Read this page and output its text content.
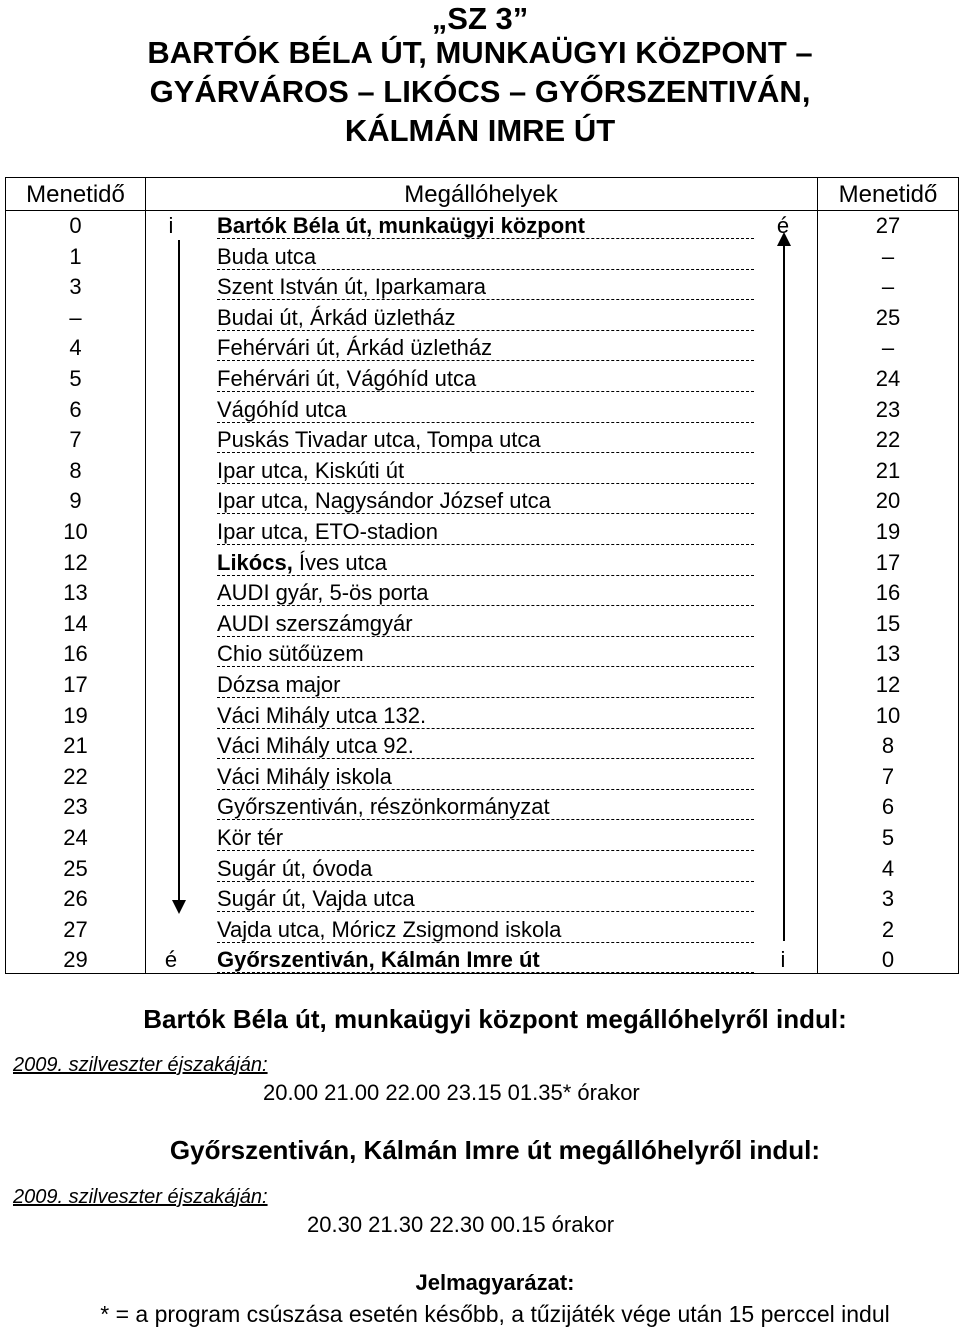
„SZ 3”
BARTÓK BÉLA ÚT, MUNKAÜGYI KÖZPONT –
GYÁRVÁROS – LIKÓCS – GYŐRSZENTIVÁN,
KÁLMÁN IMRE ÚT
Menetidő	Megállóhelyek	Menetidő
0	i	Bartók Béla út, munkaügyi központ	é	27
1	Buda utca	–
3	Szent István út, Iparkamara	–
–	Budai út, Árkád üzletház	25
4	Fehérvári út, Árkád üzletház	–
5	Fehérvári út, Vágóhíd utca	24
6	Vágóhíd utca	23
7	Puskás Tivadar utca, Tompa utca	22
8	Ipar utca, Kiskúti út	21
9	Ipar utca, Nagysándor József utca	20
10	Ipar utca, ETO-stadion	19
12	Likócs, Íves utca	17
13	AUDI gyár, 5-ös porta	16
14	AUDI szerszámgyár	15
16	Chio sütőüzem	13
17	Dózsa major	12
19	Váci Mihály utca 132.	10
21	Váci Mihály utca 92.	8
22	Váci Mihály iskola	7
23	Győrszentiván, részönkormányzat	6
24	Kör tér	5
25	Sugár út, óvoda	4
26	Sugár út, Vajda utca	3
27	Vajda utca, Móricz Zsigmond iskola	2
29	é	Győrszentiván, Kálmán Imre út	i	0
Bartók Béla út, munkaügyi központ megállóhelyről indul:
2009. szilveszter éjszakáján:
20.00 21.00 22.00 23.15 01.35* órakor
Győrszentiván, Kálmán Imre út megállóhelyről indul:
2009. szilveszter éjszakáján:
20.30 21.30 22.30 00.15 órakor
Jelmagyarázat:
* = a program csúszása esetén később, a tűzijáték vége után 15 perccel indul
